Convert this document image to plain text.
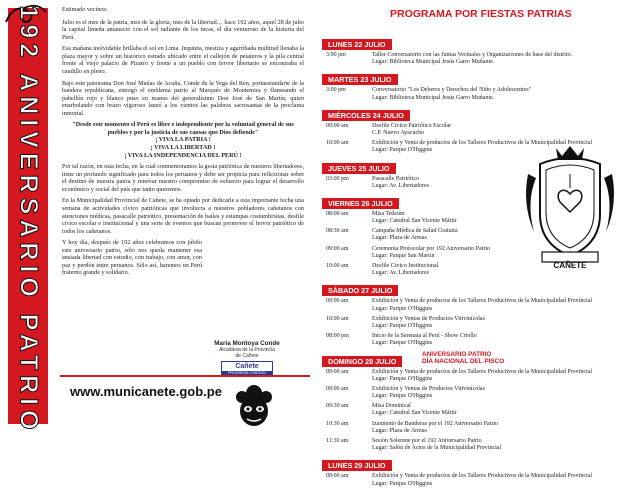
192 ANIVERSARIO PATRIO	Estimado vecinos:

Julio es el mes de la patria, mes de la gloria, mes de la libertad… hace 192 años, aquel 28 de julio la capital limeña amaneció con el sol radiante de los incas, el día venturoso de la historia del Perú.

Esa mañana inolvidable brillaba el sol en Lima. Inquieta, mestiza y agarrihada multitud llenaba la plaza mayor y sobre un histórico estrado ubicado entre el callejón de petateros y la pila central frente al viejo palacio de Pizarro y frente a un pueblo con fervor libertario se encontraba el caudillo en pleno.

Bajo este panorama Don José Matías de Acuña, Conde de la Vega del Ren, portaestandarte de la bandera republicana, entregó el emblema patrio al Marqués de Montemira y flameando el pabellón rojo y blanco puso en manos del generalísimo Don José de San Martín, quien enarbolando con brazo vigoroso lanzó a los vientos las palabras sacrosantas de la proclama inmortal.

"Desde este momento el Perú es libre e independiente por la voluntad general de sus pueblos y por la justicia de sus causas que Dios defiende"
¡ VIVA LA PATRIA !
¡ VIVA LA LIBERTAD !
¡ VIVA LA INDEPENDENCIA DEL PERÚ !

Por tal razón, en esta fecha, en la cual conmemoramos la gesta patriótica de nuestros libertadores, tiene un profundo significado para todos los peruanos y debe ser propicia para reflexionar sobre el destino de nuestra patria y renovar nuestro compromiso de esfuerzo para lograr el desarrollo económico y social del país que tanto queremos.

En la Municipalidad Provincial de Cañete, se ha optado por dedicarle a esta importante fecha una semana de actividades cívico patrióticas que involucra a nuestros pobladores cañetanos con atenciones médicas, pasacalle patriótico, presentación de bailes y estampas costumbristas, desfile cívico escolar e institucional y una serie de eventos que buscan promover el fervor patriótico de todos los cañetanos.

Y hoy día, después de 192 años celebramos con júbilo este aniversario patrio, sólo nos queda mantener esa ansiada libertad con estudio, con trabajo, con amor, con paz y perdón entre peruanos. Sólo así, haremos un Perú fraterno grande y solidario.

María Montoya Conde
Alcaldesa de la Provincia
de Cañete
Cañete
PROGRESA CONTIGO
www.municanete.gob.pe
PROGRAMA POR FIESTAS PATRIAS
LUNES 22 JULIO
3:00 pm	Taller Conversatorio con las Juntas Vecinales y Organizaciones de base del distrito.
Lugar: Biblioteca Municipal Jesús Garro Muñante.
MARTES 23 JULIO
3:00 pm	Conversatorio "Los Deberes y Derechos del Niño y Adolescentes"
Lugar: Biblioteca Municipal Jesús Garro Muñante.
MIÉRCOLES 24 JULIO
09:00 am	Desfile Cívico Patriótico Escolar
C.P. Nuevo Ayacucho
10:00 am	Exhibición y Venta de productos de los Talleres Productivos de la Municipalidad Provincial
Lugar: Parque O'Higgins
JUEVES 25 JULIO
03:00 pm	Pasacalle Patriótico
Lugar: Av. Libertadores
VIERNES 26 JULIO
08:00 am	Misa Tedeum
Lugar: Catedral San Vicente Mártir
08:30 am	Campaña Médica de Salud Gratuita
Lugar: Plaza de Armas
09:00 am	Ceremonia Protocolar por 192 Aniversario Patrio
Lugar: Parque San Martín
10:00 am	Desfile Cívico Institucional
Lugar: Av. Libertadores
SÁBADO 27 JULIO
09:00 am	Exhibición y Venta de productos de los Talleres Productivos de la Municipalidad Provincial
Lugar: Parque O'Higgins
10:00 am	Exhibición y Ventas de Productos Vitivinícolas
Lugar: Parque O'Higgins
08:00 pm	Inicio de la Serenata al Perú - Show Criollo
Lugar: Parque O'Higgins
DOMINGO 28 JULIO
ANIVERSARIO PATRIO
DÍA NACIONAL DEL PISCO
09:00 am	Exhibición y Venta de productos de los Talleres Productivos de la Municipalidad Provincial
Lugar: Parque O'Higgins
09:00 am	Exhibición y Ventas de Productos Vitivinícolas
Lugar: Parque O'Higgins
09:30 am	Misa Dominical
Lugar: Catedral San Vicente Mártir
10:30 am	Izamiento de Banderas por el 192 Aniversario Patrio
Lugar: Plaza de Armas
11:30 am	Sesión Solemne por el 192 Aniversario Patrio
Lugar: Salón de Actos de la Municipalidad Provincial
LUNES 29 JULIO
09:00 am	Exhibición y Venta de productos de los Talleres Productivos de la Municipalidad Provincial
Lugar: Parque O'Higgins
CAÑETE
